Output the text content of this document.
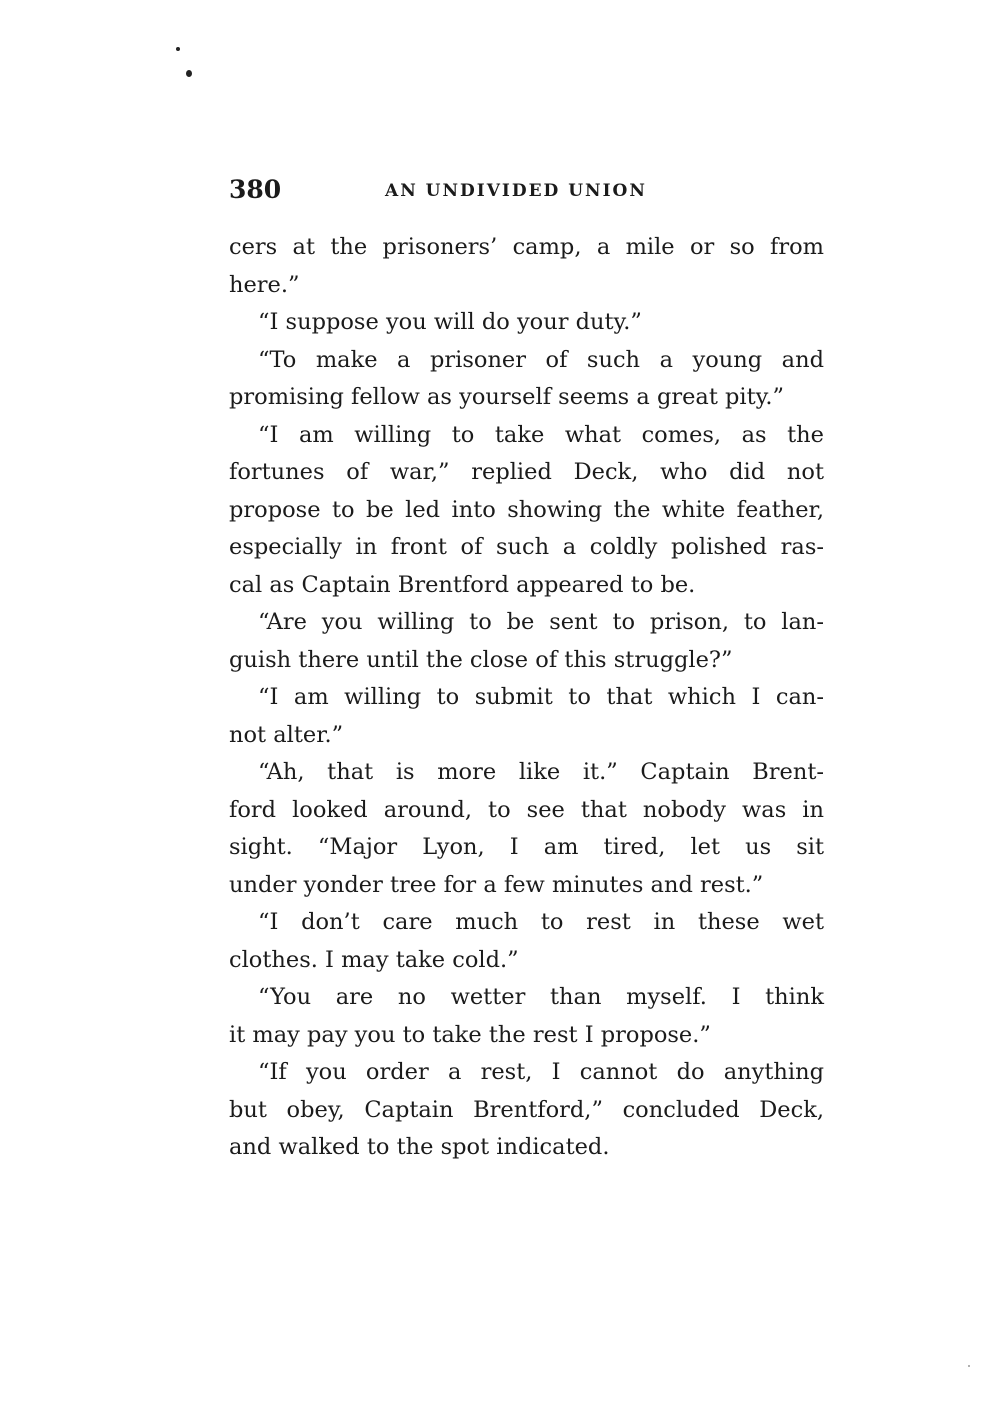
380	AN UNDIVIDED UNION

cers at the prisoners’ camp, a mile or so from
here.”

“I suppose you will do your duty.”

“To make a prisoner of such a young and
promising fellow as yourself seems a great pity.”

“I am willing to take what comes, as the
fortunes of war,” replied Deck, who did not
propose to be led into showing the white feather,
especially in front of such a coldly polished ras-
cal as Captain Brentford appeared to be.

“Are you willing to be sent to prison, to lan-
guish there until the close of this struggle?”

“I am willing to submit to that which I can-
not alter.”

“Ah, that is more like it.” Captain Brent-
ford looked around, to see that nobody was in
sight. “Major Lyon, I am tired, let us sit
under yonder tree for a few minutes and rest.”

“I don’t care much to rest in these wet
clothes. I may take cold.”

“You are no wetter than myself. I think
it may pay you to take the rest I propose.”

“If you order a rest, I cannot do anything
but obey, Captain Brentford,” concluded Deck,
and walked to the spot indicated.
